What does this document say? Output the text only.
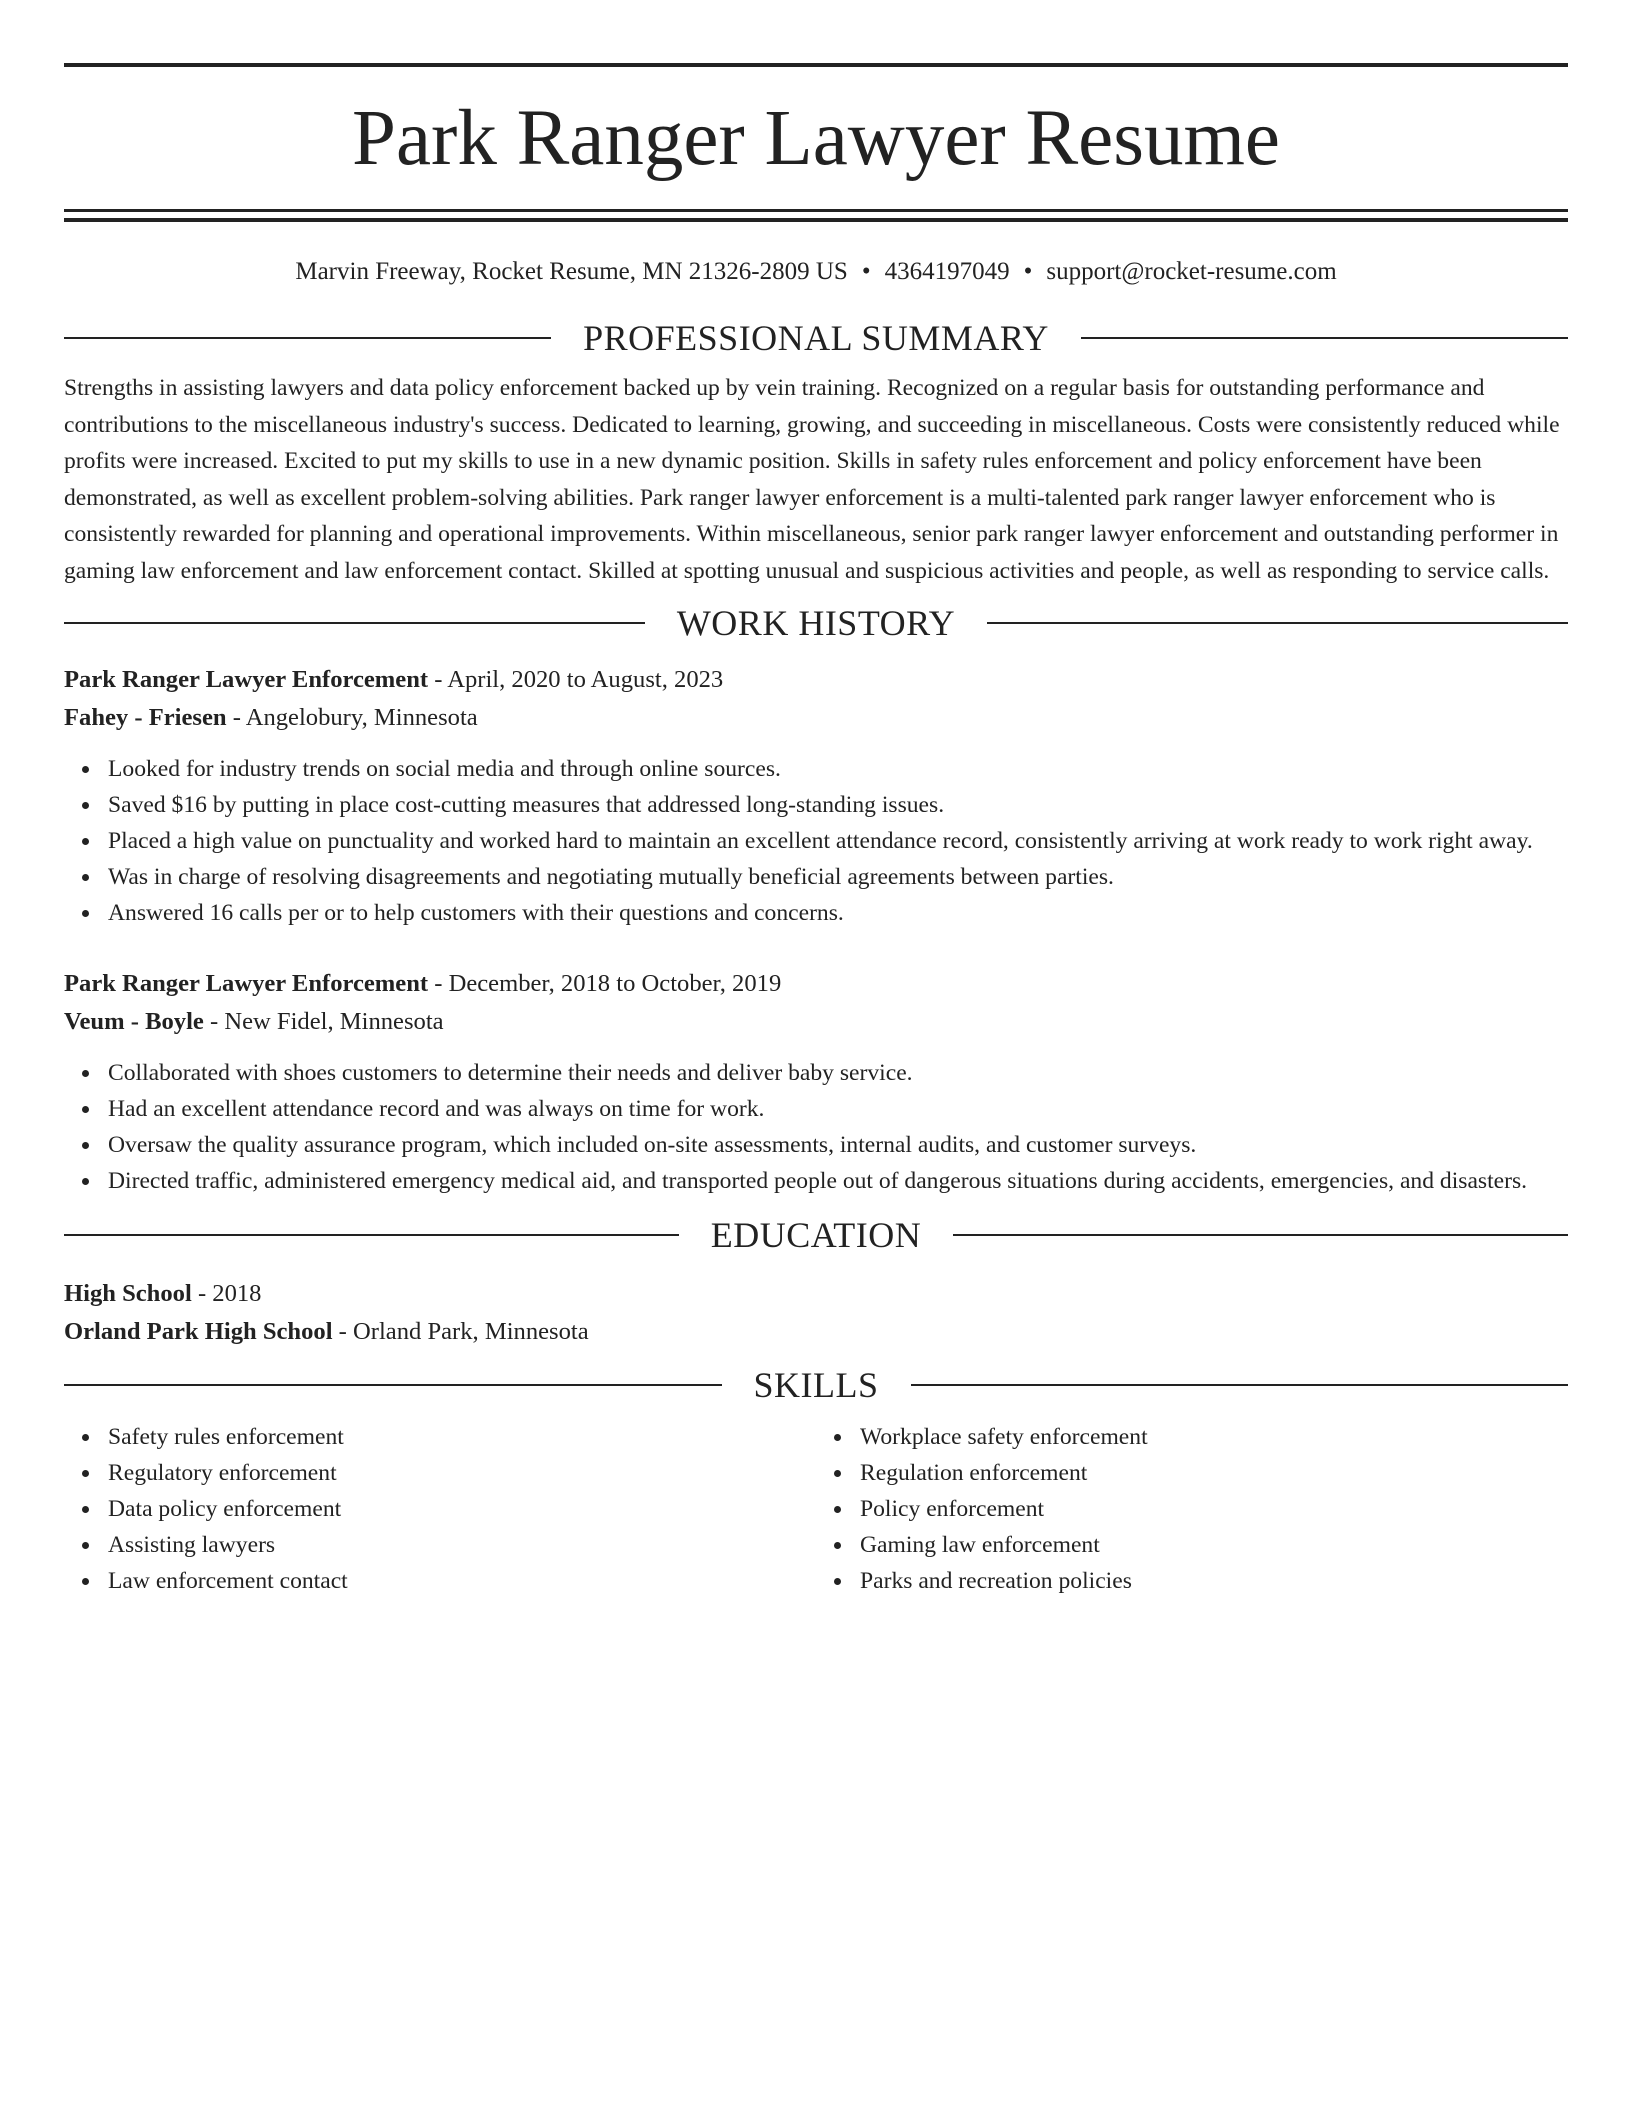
Park Ranger Lawyer Resume
Marvin Freeway, Rocket Resume, MN 21326-2809 US • 4364197049 • support@rocket-resume.com
PROFESSIONAL SUMMARY

Strengths in assisting lawyers and data policy enforcement backed up by vein training. Recognized on a regular basis for outstanding performance and contributions to the miscellaneous industry's success. Dedicated to learning, growing, and succeeding in miscellaneous. Costs were consistently reduced while profits were increased. Excited to put my skills to use in a new dynamic position. Skills in safety rules enforcement and policy enforcement have been demonstrated, as well as excellent problem-solving abilities. Park ranger lawyer enforcement is a multi-talented park ranger lawyer enforcement who is consistently rewarded for planning and operational improvements. Within miscellaneous, senior park ranger lawyer enforcement and outstanding performer in gaming law enforcement and law enforcement contact. Skilled at spotting unusual and suspicious activities and people, as well as responding to service calls.

WORK HISTORY
Park Ranger Lawyer Enforcement - April, 2020 to August, 2023
Fahey - Friesen - Angelobury, Minnesota
Looked for industry trends on social media and through online sources.
Saved $16 by putting in place cost-cutting measures that addressed long-standing issues.
Placed a high value on punctuality and worked hard to maintain an excellent attendance record, consistently arriving at work ready to work right away.
Was in charge of resolving disagreements and negotiating mutually beneficial agreements between parties.
Answered 16 calls per or to help customers with their questions and concerns.
Park Ranger Lawyer Enforcement - December, 2018 to October, 2019
Veum - Boyle - New Fidel, Minnesota
Collaborated with shoes customers to determine their needs and deliver baby service.
Had an excellent attendance record and was always on time for work.
Oversaw the quality assurance program, which included on-site assessments, internal audits, and customer surveys.
Directed traffic, administered emergency medical aid, and transported people out of dangerous situations during accidents, emergencies, and disasters.
EDUCATION
High School - 2018
Orland Park High School - Orland Park, Minnesota
SKILLS
Safety rules enforcement
Regulatory enforcement
Data policy enforcement
Assisting lawyers
Law enforcement contact
Workplace safety enforcement
Regulation enforcement
Policy enforcement
Gaming law enforcement
Parks and recreation policies
